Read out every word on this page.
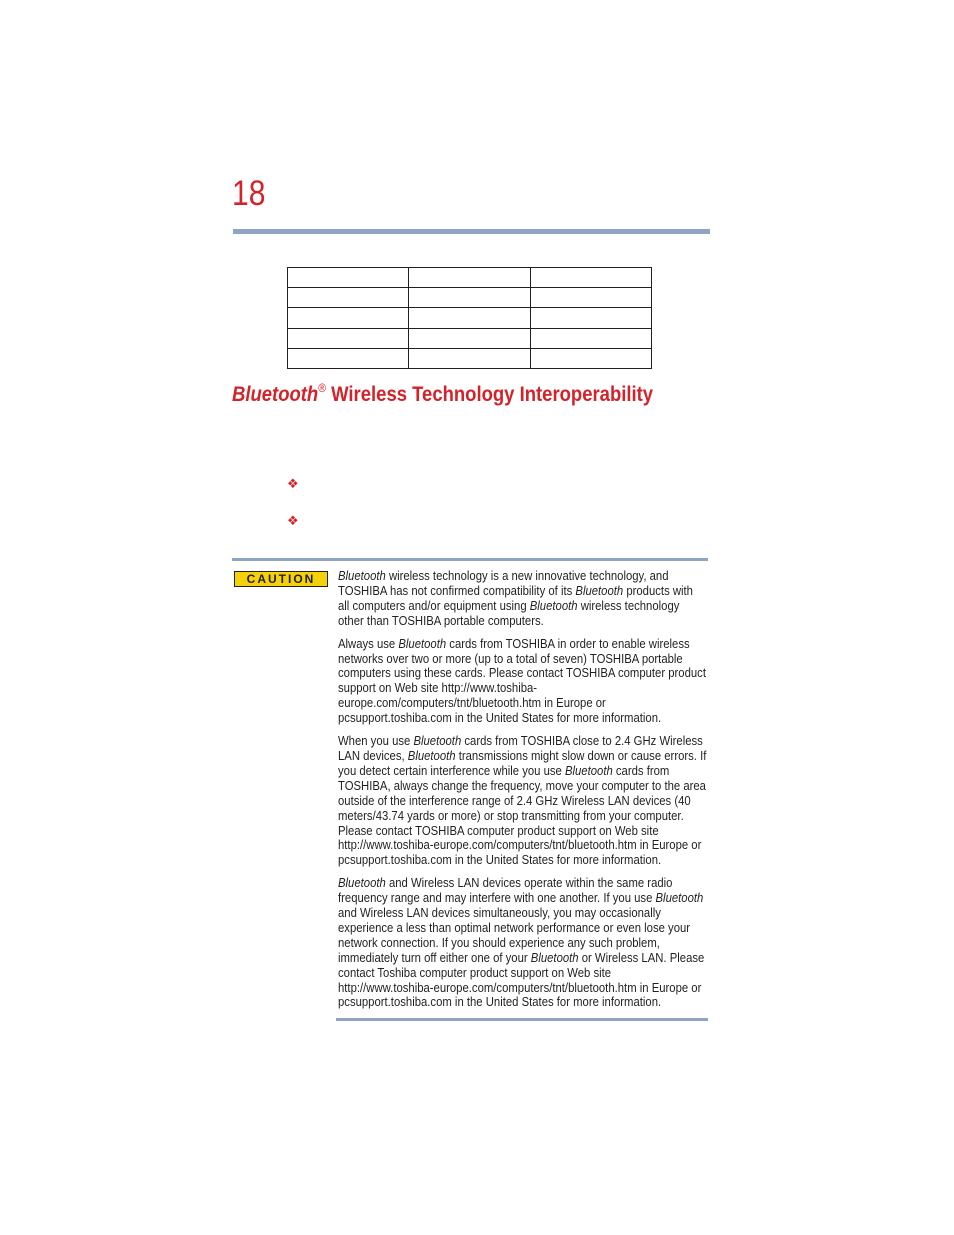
18

Bluetooth® Wireless Technology Interoperability
❖
❖
CAUTION	Bluetooth wireless technology is a new innovative technology, and TOSHIBA has not confirmed compatibility of its Bluetooth products with all computers and/or equipment using Bluetooth wireless technology other than TOSHIBA portable computers.

Always use Bluetooth cards from TOSHIBA in order to enable wireless networks over two or more (up to a total of seven) TOSHIBA portable computers using these cards. Please contact TOSHIBA computer product support on Web site http://www.toshiba-europe.com/computers/tnt/bluetooth.htm in Europe or pcsupport.toshiba.com in the United States for more information.

When you use Bluetooth cards from TOSHIBA close to 2.4 GHz Wireless LAN devices, Bluetooth transmissions might slow down or cause errors. If you detect certain interference while you use Bluetooth cards from TOSHIBA, always change the frequency, move your computer to the area outside of the interference range of 2.4 GHz Wireless LAN devices (40 meters/43.74 yards or more) or stop transmitting from your computer. Please contact TOSHIBA computer product support on Web site http://www.toshiba-europe.com/computers/tnt/bluetooth.htm in Europe or pcsupport.toshiba.com in the United States for more information.

Bluetooth and Wireless LAN devices operate within the same radio frequency range and may interfere with one another. If you use Bluetooth and Wireless LAN devices simultaneously, you may occasionally experience a less than optimal network performance or even lose your network connection. If you should experience any such problem, immediately turn off either one of your Bluetooth or Wireless LAN. Please contact Toshiba computer product support on Web site http://www.toshiba-europe.com/computers/tnt/bluetooth.htm in Europe or pcsupport.toshiba.com in the United States for more information.
